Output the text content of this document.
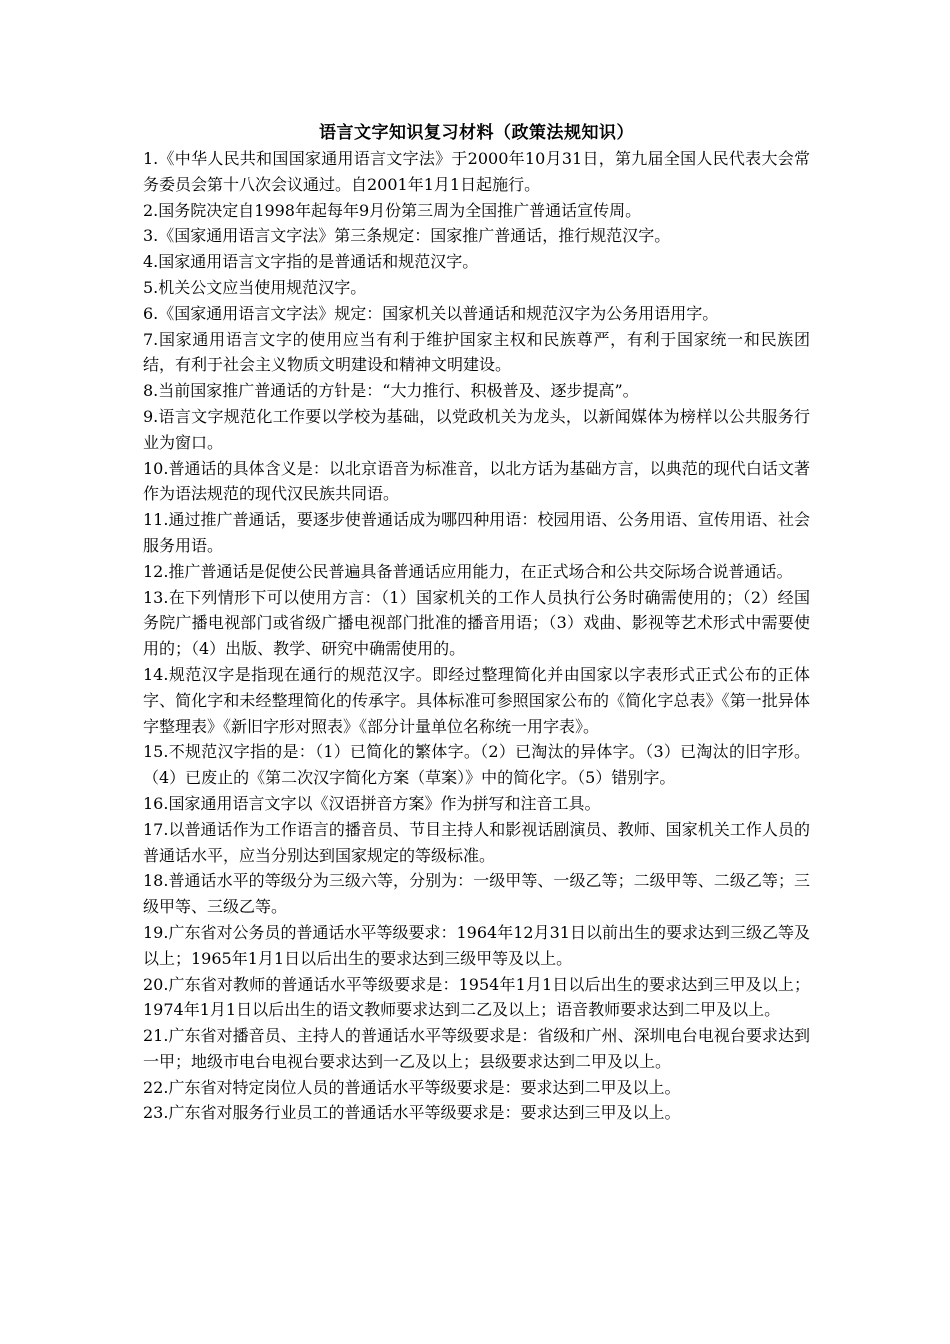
语言文字知识复习材料（政策法规知识）

1.《中华人民共和国国家通用语言文字法》于2000年10月31日，第九届全国人民代表大会常务委员会第十八次会议通过。自2001年1月1日起施行。

2.国务院决定自1998年起每年9月份第三周为全国推广普通话宣传周。

3.《国家通用语言文字法》第三条规定：国家推广普通话，推行规范汉字。

4.国家通用语言文字指的是普通话和规范汉字。

5.机关公文应当使用规范汉字。

6.《国家通用语言文字法》规定：国家机关以普通话和规范汉字为公务用语用字。

7.国家通用语言文字的使用应当有利于维护国家主权和民族尊严，有利于国家统一和民族团结，有利于社会主义物质文明建设和精神文明建设。

8.当前国家推广普通话的方针是：“大力推行、积极普及、逐步提高”。

9.语言文字规范化工作要以学校为基础，以党政机关为龙头，以新闻媒体为榜样以公共服务行业为窗口。

10.普通话的具体含义是：以北京语音为标准音，以北方话为基础方言，以典范的现代白话文著作为语法规范的现代汉民族共同语。

11.通过推广普通话，要逐步使普通话成为哪四种用语：校园用语、公务用语、宣传用语、社会服务用语。

12.推广普通话是促使公民普遍具备普通话应用能力，在正式场合和公共交际场合说普通话。

13.在下列情形下可以使用方言：（1）国家机关的工作人员执行公务时确需使用的；（2）经国务院广播电视部门或省级广播电视部门批准的播音用语；（3）戏曲、影视等艺术形式中需要使用的；（4）出版、教学、研究中确需使用的。

14.规范汉字是指现在通行的规范汉字。即经过整理简化并由国家以字表形式正式公布的正体字、简化字和未经整理简化的传承字。具体标准可参照国家公布的《简化字总表》《第一批异体字整理表》《新旧字形对照表》《部分计量单位名称统一用字表》。

15.不规范汉字指的是：（1）已简化的繁体字。（2）已淘汰的异体字。（3）已淘汰的旧字形。（4）已废止的《第二次汉字简化方案（草案）》中的简化字。（5）错别字。

16.国家通用语言文字以《汉语拼音方案》作为拼写和注音工具。

17.以普通话作为工作语言的播音员、节目主持人和影视话剧演员、教师、国家机关工作人员的普通话水平，应当分别达到国家规定的等级标准。

18.普通话水平的等级分为三级六等，分别为：一级甲等、一级乙等；二级甲等、二级乙等；三级甲等、三级乙等。

19.广东省对公务员的普通话水平等级要求：1964年12月31日以前出生的要求达到三级乙等及以上；1965年1月1日以后出生的要求达到三级甲等及以上。

20.广东省对教师的普通话水平等级要求是：1954年1月1日以后出生的要求达到三甲及以上；1974年1月1日以后出生的语文教师要求达到二乙及以上；语音教师要求达到二甲及以上。

21.广东省对播音员、主持人的普通话水平等级要求是：省级和广州、深圳电台电视台要求达到一甲；地级市电台电视台要求达到一乙及以上；县级要求达到二甲及以上。

22.广东省对特定岗位人员的普通话水平等级要求是：要求达到二甲及以上。

23.广东省对服务行业员工的普通话水平等级要求是：要求达到三甲及以上。
